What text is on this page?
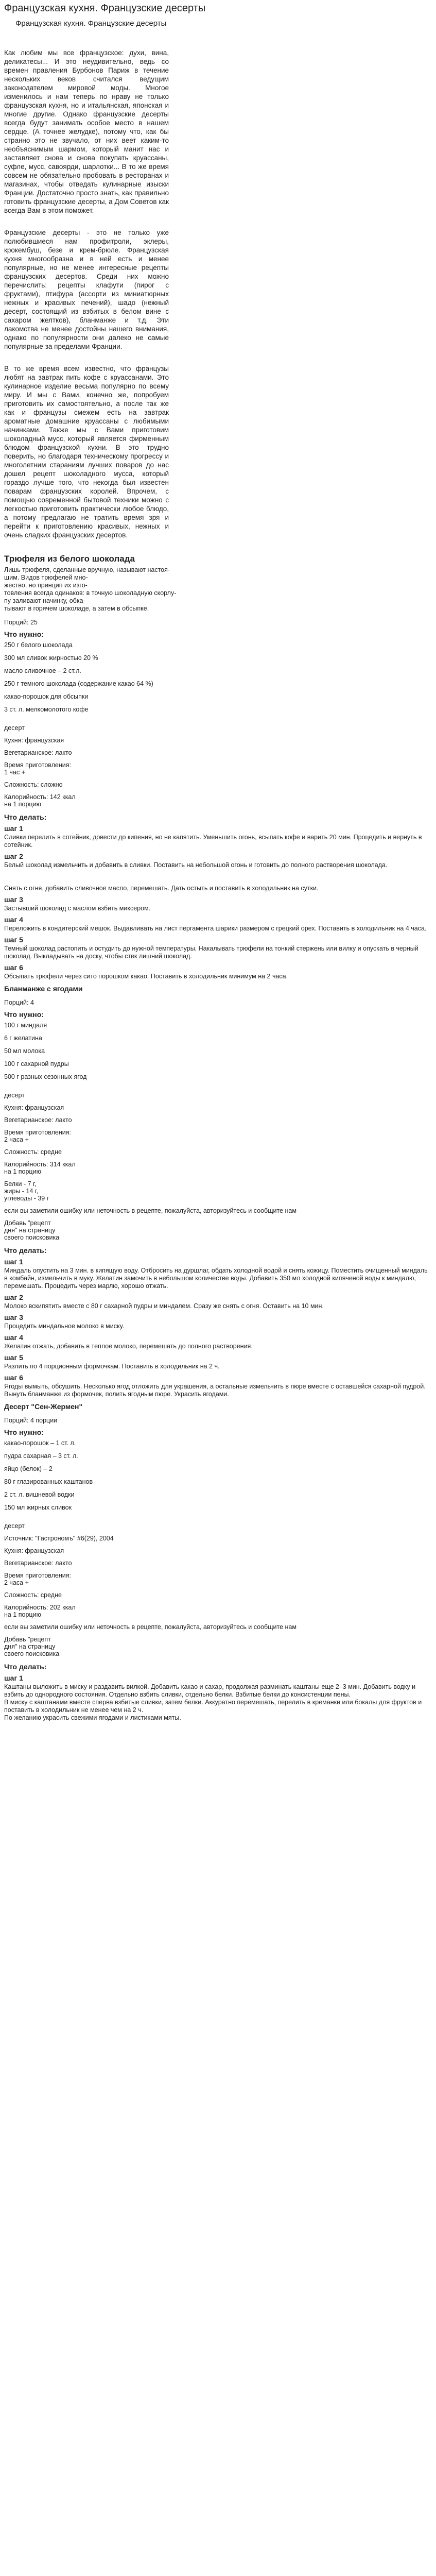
Французская кухня. Французские десерты
Французская кухня. Французские десерты

Как любим мы все французское: духи, вина, деликатесы... И это неудивительно, ведь со времен правления Бурбонов Париж в течение нескольких веков считался ведущим законодателем мировой моды. Многое изменилось и нам теперь по нраву не только французская кухня, но и итальянская, японская и многие другие. Однако французские десерты всегда будут занимать особое место в нашем сердце. (А точнее желудке), потому что, как бы странно это не звучало, от них веет каким-то необъяснимым шармом, который манит нас и заставляет снова и снова покупать круассаны, суфле, мусс, савоярди, шарлотки... В то же время совсем не обязательно пробовать в ресторанах и магазинах, чтобы отведать кулинарные изыски Франции. Достаточно просто знать, как правильно готовить французские десерты, а Дом Советов как всегда Вам в этом поможет.

Французские десерты - это не только уже полюбившиеся нам профитроли, эклеры, крокембуш, безе и крем-брюле. Французская кухня многообразна и в ней есть и менее популярные, но не менее интересные рецепты французских десертов. Среди них можно перечислить: рецепты клафути (пирог с фруктами), птифура (ассорти из миниатюрных нежных и красивых печений), шадо (нежный десерт, состоящий из взбитых в белом вине с сахаром желтков), бланманже и т.д. Эти лакомства не менее достойны нашего внимания, однако по популярности они далеко не самые популярные за пределами Франции.

В то же время всем известно, что французы любят на завтрак пить кофе с круассанами. Это кулинарное изделие весьма популярно по всему миру. И мы с Вами, конечно же, попробуем приготовить их самостоятельно, а после так же как и французы смежем есть на завтрак ароматные домашние круассаны с любимыми начинками. Также мы с Вами приготовим шоколадный мусс, который является фирменным блюдом французской кухни. В это трудно поверить, но благодаря техническому прогрессу и многолетним стараниям лучших поваров до нас дошел рецепт шоколадного мусса, который гораздо лучше того, что некогда был известен поварам французских королей. Впрочем, с помощью современной бытовой техники можно с легкостью приготовить практически любое блюдо, а потому предлагаю не тратить время зря и перейти к приготовлению красивых, нежных и очень сладких французских десертов.

Трюфеля из белого шоколада

Лишь трюфеля, сделанные вручную, называют настоя-
щим. Видов трюфелей мно-
жество, но принцип их изго-
товления всегда одинаков: в точную шоколадную скорлу-
пу заливают начинку, обка-
тывают в горячем шоколаде, а затем в обсыпке.

Порций: 25
Что нужно:
250 г белого шоколада
300 мл сливок жирностью 20 %
масло сливочное – 2 ст.л.
250 г темного шоколада (содержание какао 64 %)
какао-порошок для обсыпки
3 ст. л. мелкомолотого кофе
десерт
Кухня: французская
Вегетарианское: лакто
Время приготовления:
1 час +
Сложность: сложно
Калорийность: 142 ккал
на 1 порцию
Что делать:
шаг 1

Сливки перелить в сотейник, довести до кипения, но не капятить. Уменьшить огонь, всыпать кофе и варить 20 мин. Процедить и вернуть в сотейник.

шаг 2

Белый шоколад измельчить и добавить в сливки. Поставить на небольшой огонь и готовить до полного растворения шоколада.

Снять с огня, добавить сливочное масло, перемешать. Дать остыть и поставить в холодильник на сутки.

шаг 3

Застывший шоколад с маслом взбить миксером.

шаг 4

Переложить в кондитерский мешок. Выдавливать на лист пергамента шарики размером с грецкий орех. Поставить в холодильник на 4 часа.

шаг 5

Темный шоколад растопить и остудить до нужной температуры. Накалывать трюфели на тонкий стержень или вилку и опускать в черный шоколад. Выкладывать на доску, чтобы стек лишний шоколад.

шаг 6

Обсыпать трюфели через сито порошком какао. Поставить в холодильник минимум на 2 часа.

Бланманже с ягодами
Порций: 4
Что нужно:
100 г миндаля
6 г желатина
50 мл молока
100 г сахарной пудры
500 г разных сезонных ягод
десерт
Кухня: французская
Вегетарианское: лакто
Время приготовления:
2 часа +
Сложность: средне
Калорийность: 314 ккал
на 1 порцию
Белки - 7 г,
жиры - 14 г,
углеводы - 39 г
если вы заметили ошибку или неточность в рецепте, пожалуйста, авторизуйтесь и сообщите нам
Добавь "рецепт
дня" на страницу
своего поисковика
Что делать:
шаг 1

Миндаль опустить на 3 мин. в кипящую воду. Отбросить на дуршлаг, обдать холодной водой и снять кожицу. Поместить очищенный миндаль в комбайн, измельчить в муку. Желатин замочить в небольшом количестве воды. Добавить 350 мл холодной кипяченой воды к миндалю, перемешать. Процедить через марлю, хорошо отжать.

шаг 2

Молоко вскипятить вместе с 80 г сахарной пудры и миндалем. Сразу же снять с огня. Оставить на 10 мин.

шаг 3

Процедить миндальное молоко в миску.

шаг 4

Желатин отжать, добавить в теплое молоко, перемешать до полного растворения.

шаг 5

Разлить по 4 порционным формочкам. Поставить в холодильник на 2 ч.

шаг 6

Ягоды вымыть, обсушить. Несколько ягод отложить для украшения, а остальные измельчить в пюре вместе с оставшейся сахарной пудрой. Вынуть бланманже из формочек, полить ягодным пюре. Украсить ягодами.

Десерт "Сен-Жермен"
Порций: 4 порции
Что нужно:
какао-порошок – 1 ст. л.
пудра сахарная – 3 ст. л.
яйцо (белок) – 2
80 г глазированных каштанов
2 ст. л. вишневой водки
150 мл жирных сливок
десерт
Источник: "Гастрономъ" #6(29), 2004
Кухня: французская
Вегетарианское: лакто
Время приготовления:
2 часа +
Сложность: средне
Калорийность: 202 ккал
на 1 порцию
если вы заметили ошибку или неточность в рецепте, пожалуйста, авторизуйтесь и сообщите нам
Добавь "рецепт
дня" на страницу
своего поисковика
Что делать:
шаг 1

Каштаны выложить в миску и раздавить вилкой. Добавить какао и сахар, продолжая разминать каштаны еще 2–3 мин. Добавить водку и взбить до однородного состояния. Отдельно взбить сливки, отдельно белки. Взбитые белки до консистенции пены.
В миску с каштанами вместе сперва взбитые сливки, затем белки. Аккуратно перемешать, перелить в креманки или бокалы для фруктов и поставить в холодильник не менее чем на 2 ч.
По желанию украсить свежими ягодами и листиками мяты.
